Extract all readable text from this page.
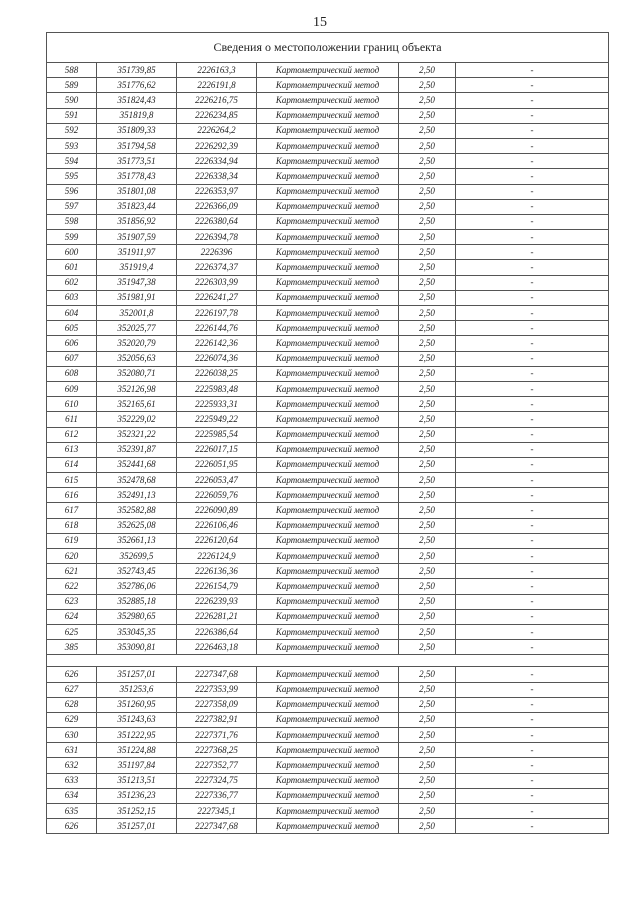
15
Сведения о местоположении границ объекта					
588	351739,85	2226163,3	Картометрический метод	2,50	-
589	351776,62	2226191,8	Картометрический метод	2,50	-
590	351824,43	2226216,75	Картометрический метод	2,50	-
591	351819,8	2226234,85	Картометрический метод	2,50	-
592	351809,33	2226264,2	Картометрический метод	2,50	-
593	351794,58	2226292,39	Картометрический метод	2,50	-
594	351773,51	2226334,94	Картометрический метод	2,50	-
595	351778,43	2226338,34	Картометрический метод	2,50	-
596	351801,08	2226353,97	Картометрический метод	2,50	-
597	351823,44	2226366,09	Картометрический метод	2,50	-
598	351856,92	2226380,64	Картометрический метод	2,50	-
599	351907,59	2226394,78	Картометрический метод	2,50	-
600	351911,97	2226396	Картометрический метод	2,50	-
601	351919,4	2226374,37	Картометрический метод	2,50	-
602	351947,38	2226303,99	Картометрический метод	2,50	-
603	351981,91	2226241,27	Картометрический метод	2,50	-
604	352001,8	2226197,78	Картометрический метод	2,50	-
605	352025,77	2226144,76	Картометрический метод	2,50	-
606	352020,79	2226142,36	Картометрический метод	2,50	-
607	352056,63	2226074,36	Картометрический метод	2,50	-
608	352080,71	2226038,25	Картометрический метод	2,50	-
609	352126,98	2225983,48	Картометрический метод	2,50	-
610	352165,61	2225933,31	Картометрический метод	2,50	-
611	352229,02	2225949,22	Картометрический метод	2,50	-
612	352321,22	2225985,54	Картометрический метод	2,50	-
613	352391,87	2226017,15	Картометрический метод	2,50	-
614	352441,68	2226051,95	Картометрический метод	2,50	-
615	352478,68	2226053,47	Картометрический метод	2,50	-
616	352491,13	2226059,76	Картометрический метод	2,50	-
617	352582,88	2226090,89	Картометрический метод	2,50	-
618	352625,08	2226106,46	Картометрический метод	2,50	-
619	352661,13	2226120,64	Картометрический метод	2,50	-
620	352699,5	2226124,9	Картометрический метод	2,50	-
621	352743,45	2226136,36	Картометрический метод	2,50	-
622	352786,06	2226154,79	Картометрический метод	2,50	-
623	352885,18	2226239,93	Картометрический метод	2,50	-
624	352980,65	2226281,21	Картометрический метод	2,50	-
625	353045,35	2226386,64	Картометрический метод	2,50	-
385	353090,81	2226463,18	Картометрический метод	2,50	-

626	351257,01	2227347,68	Картометрический метод	2,50	-
627	351253,6	2227353,99	Картометрический метод	2,50	-
628	351260,95	2227358,09	Картометрический метод	2,50	-
629	351243,63	2227382,91	Картометрический метод	2,50	-
630	351222,95	2227371,76	Картометрический метод	2,50	-
631	351224,88	2227368,25	Картометрический метод	2,50	-
632	351197,84	2227352,77	Картометрический метод	2,50	-
633	351213,51	2227324,75	Картометрический метод	2,50	-
634	351236,23	2227336,77	Картометрический метод	2,50	-
635	351252,15	2227345,1	Картометрический метод	2,50	-
626	351257,01	2227347,68	Картометрический метод	2,50	-
